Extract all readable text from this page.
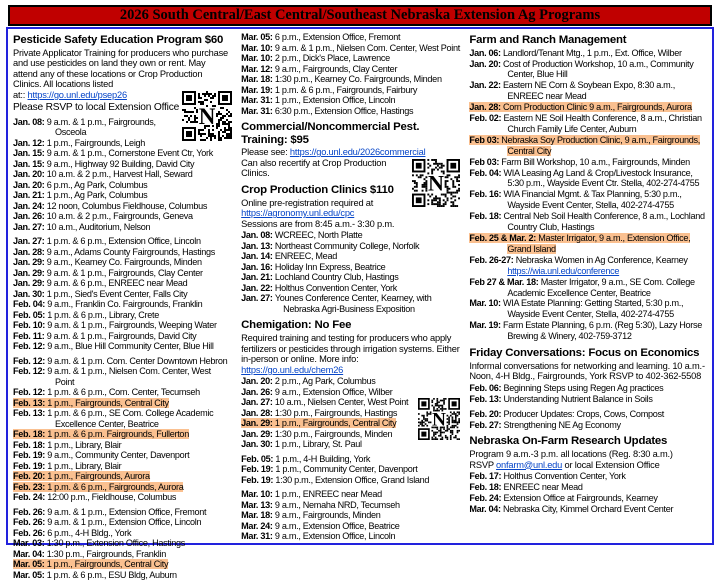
2026 South Central/East Central/Southeast Nebraska Extension Ag Programs
Pesticide Safety Education Program $60
Private Applicator Training for producers who purchase and use pesticides on land they own or rent. May attend any of these locations or Crop Production Clinics. All locations listed
N
at:: https://go.unl.edu/psep26
Please RSVP to local Extension Office
Jan. 08: 9 a.m. & 1 p.m., Fairgrounds, Osceola
Jan. 12: 1 p.m., Fairgrounds, Leigh
Jan. 15: 9 a.m. & 1 p.m., Cornerstone Event Ctr, York
Jan. 15: 9 a.m., Highway 92 Building, David City
Jan. 20: 10 a.m. & 2 p.m., Harvest Hall, Seward
Jan. 20: 6 p.m., Ag Park, Columbus
Jan. 21: 1 p.m., Ag Park, Columbus
Jan. 24: 12 noon, Columbus Fieldhouse, Columbus
Jan. 26: 10 a.m. & 2 p.m., Fairgrounds, Geneva
Jan. 27: 10 a.m., Auditorium, Nelson
Jan. 27: 1 p.m. & 6 p.m., Extension Office, Lincoln
Jan. 28: 9 a.m., Adams County Fairgrounds, Hastings
Jan. 29: 9 a.m., Kearney Co. Fairgrounds, Minden
Jan. 29: 9 a.m. & 1 p.m., Fairgrounds, Clay Center
Jan. 29: 9 a.m. & 6 p.m., ENREEC near Mead
Jan. 30: 1 p.m., Sied's Event Center, Falls City
Feb. 04: 9 a.m., Franklin Co. Fairgrounds, Franklin
Feb. 05: 1 p.m. & 6 p.m., Library, Crete
Feb. 10: 9 a.m. & 1 p.m., Fairgrounds, Weeping Water
Feb. 11: 9 a.m. & 1 p.m., Fairgrounds, David City
Feb. 12: 9 a.m., Blue Hill Community Center, Blue Hill
Feb. 12: 9 a.m. & 1 p.m. Com. Center Downtown Hebron
Feb. 12: 9 a.m. & 1 p.m., Nielsen Com. Center, West Point
Feb. 12: 1 p.m. & 6 p.m., Com. Center, Tecumseh
Feb. 13: 1 p.m., Fairgrounds, Central City
Feb. 13: 1 p.m. & 6 p.m., SE Com. College Academic Excellence Center, Beatrice
Feb. 18: 1 p.m. & 6 p.m. Fairgrounds, Fullerton
Feb. 18: 1 p.m., Library, Blair
Feb. 19: 9 a.m., Community Center, Davenport
Feb. 19: 1 p.m., Library, Blair
Feb. 20: 1 p.m., Fairgrounds, Aurora
Feb. 23: 1 p.m. & 6 p.m., Fairgrounds, Aurora
Feb. 24: 12:00 p.m., Fieldhouse, Columbus
Feb. 26: 9 a.m. & 1 p.m., Extension Office, Fremont
Feb. 26: 9 a.m. & 1 p.m., Extension Office, Lincoln
Feb. 26: 6 p.m., 4-H Bldg., York
Mar. 03: 1:30 p.m., Extension Office, Hastings
Mar. 04: 1:30 p.m., Fairgrounds, Franklin
Mar. 05: 1 p.m., Fairgrounds, Central City
Mar. 05: 1 p.m. & 6 p.m., ESU Bldg, Auburn
Mar. 05: 6 p.m., Extension Office, Fremont
Mar. 10: 9 a.m. & 1 p.m., Nielsen Com. Center, West Point
Mar. 10: 2 p.m., Dick's Place, Lawrence
Mar. 12: 9 a.m., Fairgrounds, Clay Center
Mar. 18: 1:30 p.m., Kearney Co. Fairgrounds, Minden
Mar. 19: 1 p.m. & 6 p.m., Fairgrounds, Fairbury
Mar. 31: 1 p.m., Extension Office, Lincoln
Mar. 31: 6:30 p.m., Extension Office, Hastings
Commercial/Noncommercial Pest. Training: $95
Please see: https://go.unl.edu/2026commercial
N
Can also recertify at Crop Production Clinics.
Crop Production Clinics $110
Online pre-registration required at
https://agronomy.unl.edu/cpc
Sessions are from 8:45 a.m.- 3:30 p.m.
Jan. 08: WCREEC, North Platte
Jan. 13: Northeast Community College, Norfolk
Jan. 14: ENREEC, Mead
Jan. 16: Holiday Inn Express, Beatrice
Jan. 21: Lochland Country Club, Hastings
Jan. 22: Holthus Convention Center, York
Jan. 27: Younes Conference Center, Kearney, with Nebraska Agri-Business Exposition
Chemigation: No Fee
Required training and testing for producers who apply fertilizers or pesticides through irrigation systems. Either in-person or online. More info: https://go.unl.edu/chem26
Jan. 20: 2 p.m., Ag Park, Columbus
Jan. 26: 9 a.m., Extension Office, Wilber
N
Jan. 27: 10 a.m., Nielsen Center, West Point
Jan. 28: 1:30 p.m., Fairgrounds, Hastings
Jan. 29: 1 p.m., Fairgrounds, Central City
Jan. 29: 1:30 p.m., Fairgrounds, Minden
Jan. 30: 1 p.m., Library, St. Paul
Feb. 05: 1 p.m., 4-H Building, York
Feb. 19: 1 p.m., Community Center, Davenport
Feb. 19: 1:30 p.m., Extension Office, Grand Island
Mar. 10: 1 p.m., ENREEC near Mead
Mar. 13: 9 a.m., Nemaha NRD, Tecumseh
Mar. 18: 9 a.m., Fairgrounds, Minden
Mar. 24: 9 a.m., Extension Office, Beatrice
Mar. 31: 9 a.m., Extension Office, Lincoln
Farm and Ranch Management
Jan. 06: Landlord/Tenant Mtg., 1 p.m., Ext. Office, Wilber
Jan. 20: Cost of Production Workshop, 10 a.m., Community Center, Blue Hill
Jan. 22: Eastern NE Corn & Soybean Expo, 8:30 a.m., ENREEC near Mead
Jan. 28: Corn Production Clinic 9 a.m., Fairgrounds, Aurora
Feb. 02: Eastern NE Soil Health Conference, 8 a.m., Christian Church Family Life Center, Auburn
Feb 03: Nebraska Soy Production Clinic, 9 a.m., Fairgrounds, Central City
Feb 03: Farm Bill Workshop, 10 a.m., Fairgrounds, Minden
Feb. 04: WIA Leasing Ag Land & Crop/Livestock Insurance, 5:30 p.m., Wayside Event Ctr. Stella, 402-274-4755
Feb. 16: WIA Financial Mgmt. & Tax Planning, 5:30 p.m., Wayside Event Center, Stella, 402-274-4755
Feb. 18: Central Neb Soil Health Conference, 8 a.m., Lochland Country Club, Hastings
Feb. 25 & Mar. 2: Master Irrigator, 9 a.m., Extension Office, Grand Island
Feb. 26-27: Nebraska Women in Ag Conference, Kearney https://wia.unl.edu/conference
Feb 27 & Mar. 18: Master Irrigator, 9 a.m., SE Com. College Academic Excellence Center, Beatrice
Mar. 10: WIA Estate Planning: Getting Started, 5:30 p.m., Wayside Event Center, Stella, 402-274-4755
Mar. 19: Farm Estate Planning, 6 p.m. (Reg 5:30), Lazy Horse Brewing & Winery, 402-759-3712
Friday Conversations: Focus on Economics
Informal conversations for networking and learning. 10 a.m.- Noon, 4-H Bldg., Fairgrounds, York RSVP to 402-362-5508
Feb. 06: Beginning Steps using Regen Ag practices
Feb. 13: Understanding Nutrient Balance in Soils
Feb. 20: Producer Updates: Crops, Cows, Compost
Feb. 27: Strengthening NE Ag Economy
Nebraska On-Farm Research Updates
Program 9 a.m.-3 p.m. all locations (Reg. 8:30 a.m.)
RSVP onfarm@unl.edu or local Extension Office
Feb. 17: Holthus Convention Center, York
Feb. 18: ENREEC near Mead
Feb. 24: Extension Office at Fairgrounds, Kearney
Mar. 04: Nebraska City, Kimmel Orchard Event Center
